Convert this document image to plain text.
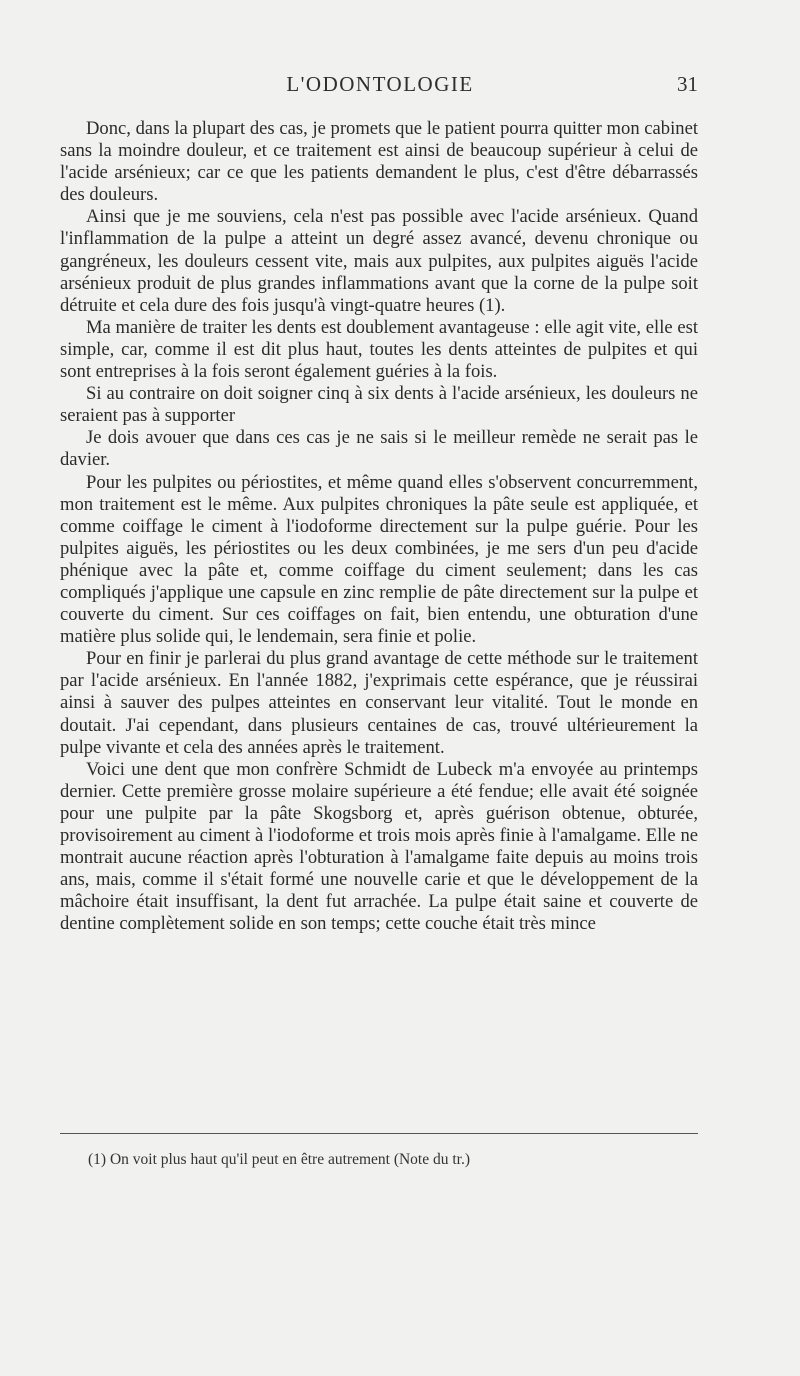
L'ODONTOLOGIE	31

Donc, dans la plupart des cas, je promets que le patient pourra quitter mon cabinet sans la moindre douleur, et ce traitement est ainsi de beaucoup supérieur à celui de l'acide arsénieux; car ce que les patients demandent le plus, c'est d'être débarrassés des douleurs.

Ainsi que je me souviens, cela n'est pas possible avec l'acide arsénieux. Quand l'inflammation de la pulpe a atteint un degré assez avancé, devenu chronique ou gangréneux, les douleurs cessent vite, mais aux pulpites, aux pulpites aiguës l'acide arsénieux produit de plus grandes inflammations avant que la corne de la pulpe soit détruite et cela dure des fois jusqu'à vingt-quatre heures (1).

Ma manière de traiter les dents est doublement avantageuse : elle agit vite, elle est simple, car, comme il est dit plus haut, toutes les dents atteintes de pulpites et qui sont entreprises à la fois seront également guéries à la fois.

Si au contraire on doit soigner cinq à six dents à l'acide arsénieux, les douleurs ne seraient pas à supporter

Je dois avouer que dans ces cas je ne sais si le meilleur remède ne serait pas le davier.

Pour les pulpites ou périostites, et même quand elles s'observent concurremment, mon traitement est le même. Aux pulpites chroniques la pâte seule est appliquée, et comme coiffage le ciment à l'iodoforme directement sur la pulpe guérie. Pour les pulpites aiguës, les périostites ou les deux combinées, je me sers d'un peu d'acide phénique avec la pâte et, comme coiffage du ciment seulement; dans les cas compliqués j'applique une capsule en zinc remplie de pâte directement sur la pulpe et couverte du ciment. Sur ces coiffages on fait, bien entendu, une obturation d'une matière plus solide qui, le lendemain, sera finie et polie.

Pour en finir je parlerai du plus grand avantage de cette méthode sur le traitement par l'acide arsénieux. En l'année 1882, j'exprimais cette espérance, que je réussirai ainsi à sauver des pulpes atteintes en conservant leur vitalité. Tout le monde en doutait. J'ai cependant, dans plusieurs centaines de cas, trouvé ultérieurement la pulpe vivante et cela des années après le traitement.

Voici une dent que mon confrère Schmidt de Lubeck m'a envoyée au printemps dernier. Cette première grosse molaire supérieure a été fendue; elle avait été soignée pour une pulpite par la pâte Skogsborg et, après guérison obtenue, obturée, provisoirement au ciment à l'iodoforme et trois mois après finie à l'amalgame. Elle ne montrait aucune réaction après l'obturation à l'amalgame faite depuis au moins trois ans, mais, comme il s'était formé une nouvelle carie et que le développement de la mâchoire était insuffisant, la dent fut arrachée. La pulpe était saine et couverte de dentine complètement solide en son temps; cette couche était très mince

(1) On voit plus haut qu'il peut en être autrement (Note du tr.)
